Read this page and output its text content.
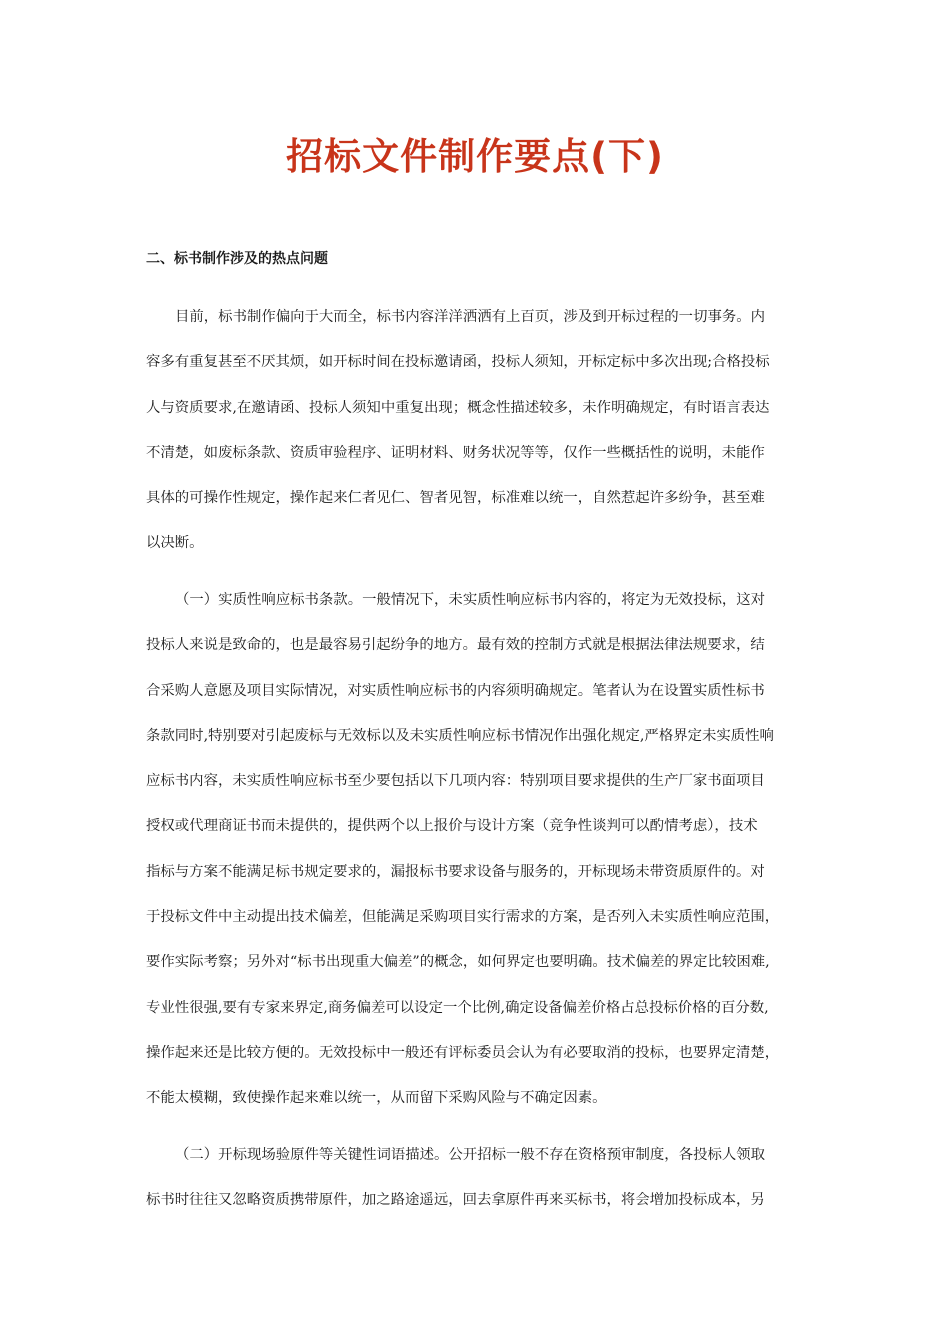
招标文件制作要点(下)
二、标书制作涉及的热点问题
目前，标书制作偏向于大而全，标书内容洋洋洒洒有上百页，涉及到开标过程的一切事务。内
容多有重复甚至不厌其烦，如开标时间在投标邀请函，投标人须知，开标定标中多次出现;合格投标
人与资质要求,在邀请函、投标人须知中重复出现；概念性描述较多，未作明确规定，有时语言表达
不清楚，如废标条款、资质审验程序、证明材料、财务状况等等，仅作一些概括性的说明，未能作
具体的可操作性规定，操作起来仁者见仁、智者见智，标准难以统一，自然惹起许多纷争，甚至难
以决断。
（一）实质性响应标书条款。一般情况下，未实质性响应标书内容的，将定为无效投标，这对
投标人来说是致命的，也是最容易引起纷争的地方。最有效的控制方式就是根据法律法规要求，结
合采购人意愿及项目实际情况，对实质性响应标书的内容须明确规定。笔者认为在设置实质性标书
条款同时,特别要对引起废标与无效标以及未实质性响应标书情况作出强化规定,严格界定未实质性响
应标书内容，未实质性响应标书至少要包括以下几项内容：特别项目要求提供的生产厂家书面项目
授权或代理商证书而未提供的，提供两个以上报价与设计方案（竞争性谈判可以酌情考虑），技术
指标与方案不能满足标书规定要求的，漏报标书要求设备与服务的，开标现场未带资质原件的。对
于投标文件中主动提出技术偏差，但能满足采购项目实行需求的方案，是否列入未实质性响应范围，
要作实际考察；另外对“标书出现重大偏差”的概念，如何界定也要明确。技术偏差的界定比较困难,
专业性很强,要有专家来界定,商务偏差可以设定一个比例,确定设备偏差价格占总投标价格的百分数,
操作起来还是比较方便的。无效投标中一般还有评标委员会认为有必要取消的投标，也要界定清楚，
不能太模糊，致使操作起来难以统一，从而留下采购风险与不确定因素。
（二）开标现场验原件等关键性词语描述。公开招标一般不存在资格预审制度，各投标人领取
标书时往往又忽略资质携带原件，加之路途遥远，回去拿原件再来买标书，将会增加投标成本，另
